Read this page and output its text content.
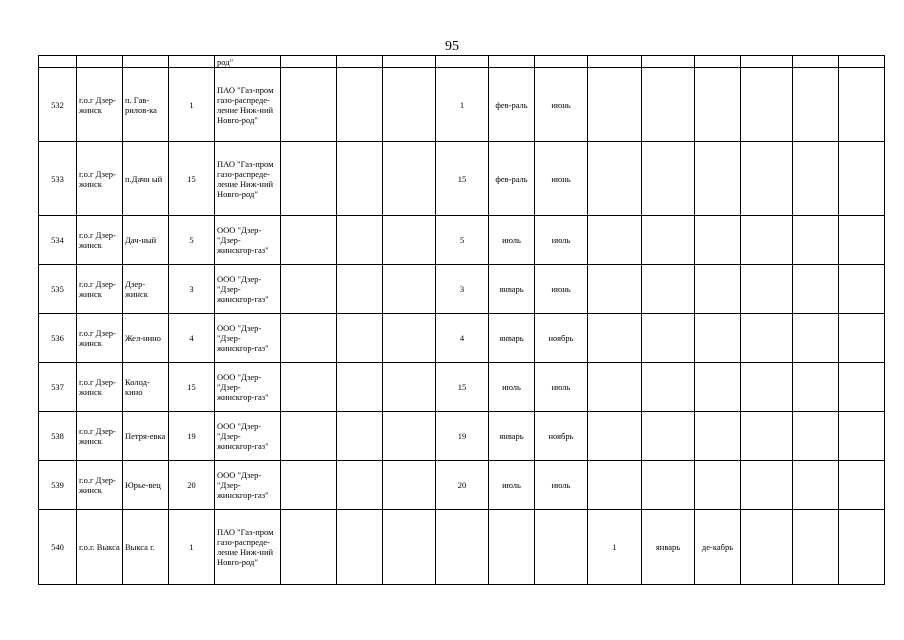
95
				род"												
532	г.о.г Дзер-жинск	п. Гав-рилов-ка	1	ПАО "Газ-пром газо-распреде-ление Ниж-ний Новго-род"				1	фев-раль	июнь						
533	г.о.г Дзер-жинск	п.Дачн ый	15	ПАО "Газ-пром газо-распреде-ление Ниж-ний Новго-род"				15	фев-раль	июнь						
534	г.о.г Дзер-жинск	Дач-ный	5	ООО "Дзер-"Дзер-жинскгор-газ"				5	июль	июль						
535	г.о.г Дзер-жинск	Дзер-жинск	3	ООО "Дзер-"Дзер-жинскгор-газ"				3	январь	июнь						
536	г.о.г Дзер-жинск	Жел-нино	4	ООО "Дзер-"Дзер-жинскгор-газ"				4	январь	ноябрь						
537	г.о.г Дзер-жинск	Колод-кино	15	ООО "Дзер-"Дзер-жинскгор-газ"				15	июль	июль						
538	г.о.г Дзер-жинск	Петря-евка	19	ООО "Дзер-"Дзер-жинскгор-газ"				19	январь	ноябрь						
539	г.о.г Дзер-жинск	Юрье-вец	20	ООО "Дзер-"Дзер-жинскгор-газ"				20	июль	июль						
540	г.о.г. Выкса	Выкса г.	1	ПАО "Газ-пром газо-распреде-ление Ниж-ний Новго-род"							1	январь	де-кабрь			
